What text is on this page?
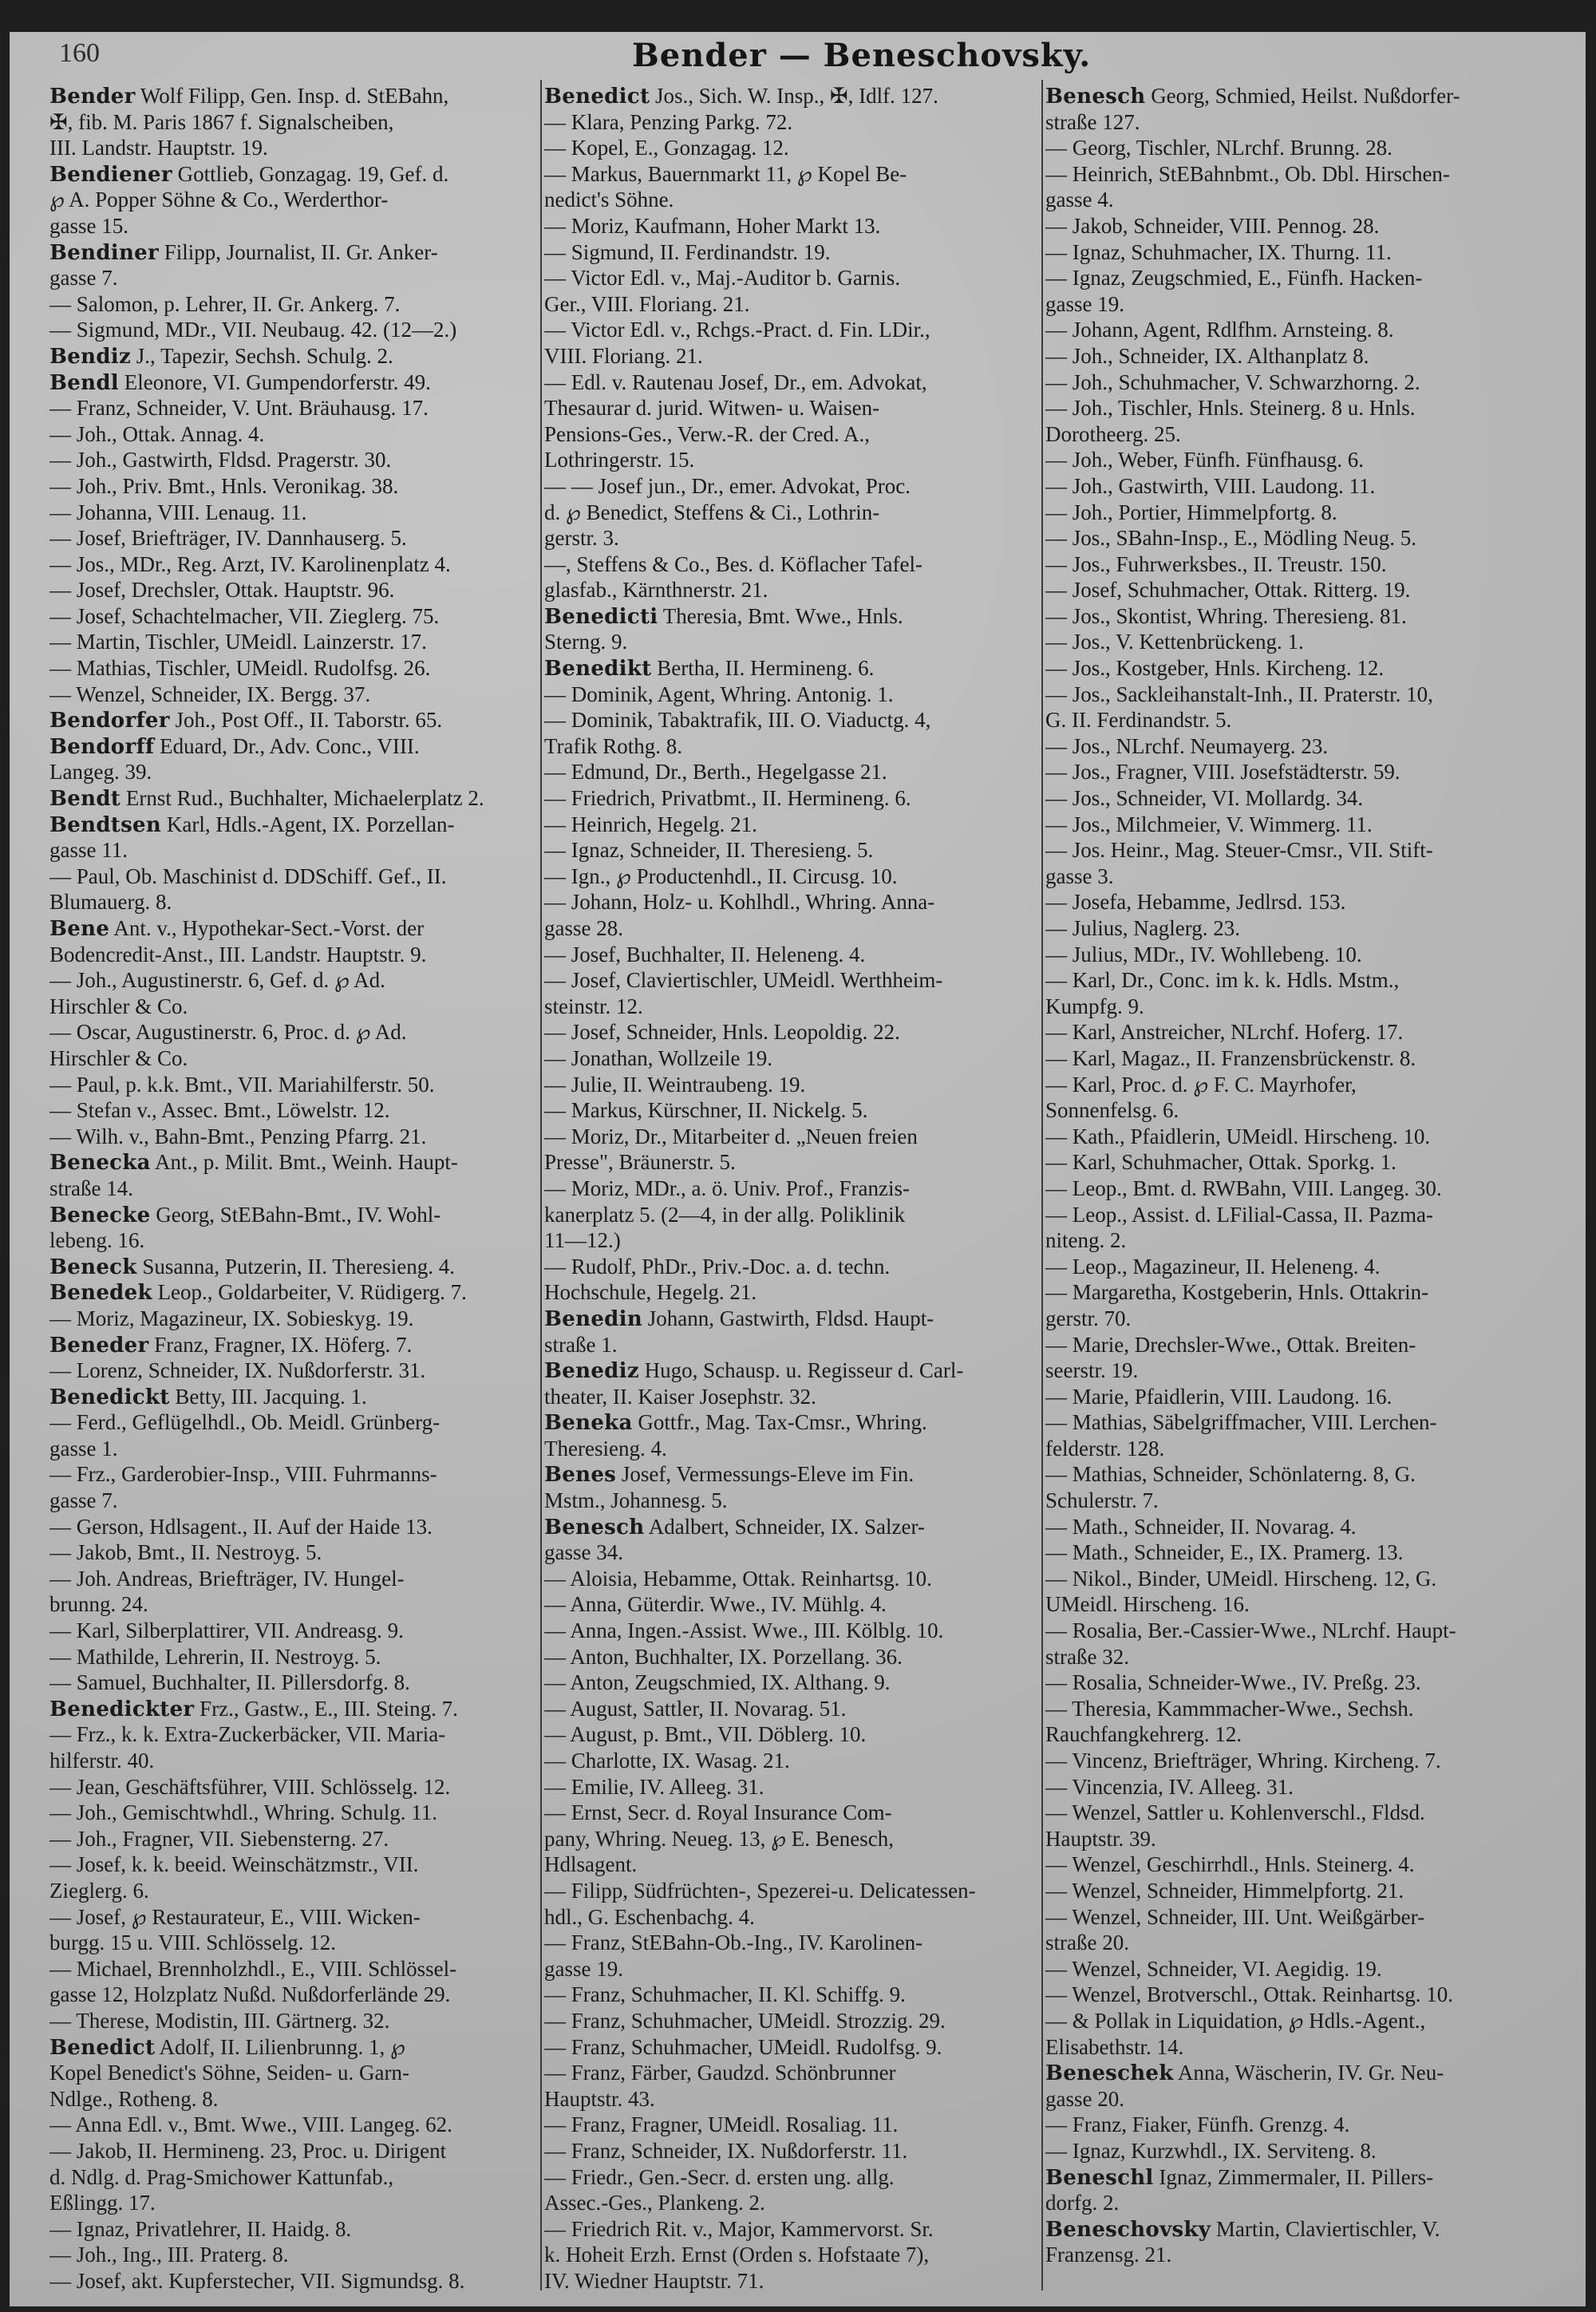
160	Bender — Beneschovsky.
Bender Wolf Filipp, Gen. Insp. d. StEBahn,
✠, fib. M. Paris 1867 f. Signalscheiben,
III. Landstr. Hauptstr. 19.
Bendiener Gottlieb, Gonzagag. 19, Gef. d.
℘ A. Popper Söhne & Co., Werderthor-
gasse 15.
Bendiner Filipp, Journalist, II. Gr. Anker-
gasse 7.
— Salomon, p. Lehrer, II. Gr. Ankerg. 7.
— Sigmund, MDr., VII. Neubaug. 42. (12—2.)
Bendiz J., Tapezir, Sechsh. Schulg. 2.
Bendl Eleonore, VI. Gumpendorferstr. 49.
— Franz, Schneider, V. Unt. Bräuhausg. 17.
— Joh., Ottak. Annag. 4.
— Joh., Gastwirth, Fldsd. Pragerstr. 30.
— Joh., Priv. Bmt., Hnls. Veronikag. 38.
— Johanna, VIII. Lenaug. 11.
— Josef, Briefträger, IV. Dannhauserg. 5.
— Jos., MDr., Reg. Arzt, IV. Karolinenplatz 4.
— Josef, Drechsler, Ottak. Hauptstr. 96.
— Josef, Schachtelmacher, VII. Zieglerg. 75.
— Martin, Tischler, UMeidl. Lainzerstr. 17.
— Mathias, Tischler, UMeidl. Rudolfsg. 26.
— Wenzel, Schneider, IX. Bergg. 37.
Bendorfer Joh., Post Off., II. Taborstr. 65.
Bendorff Eduard, Dr., Adv. Conc., VIII.
Langeg. 39.
Bendt Ernst Rud., Buchhalter, Michaelerplatz 2.
Bendtsen Karl, Hdls.-Agent, IX. Porzellan-
gasse 11.
— Paul, Ob. Maschinist d. DDSchiff. Gef., II.
Blumauerg. 8.
Bene Ant. v., Hypothekar-Sect.-Vorst. der
Bodencredit-Anst., III. Landstr. Hauptstr. 9.
— Joh., Augustinerstr. 6, Gef. d. ℘ Ad.
Hirschler & Co.
— Oscar, Augustinerstr. 6, Proc. d. ℘ Ad.
Hirschler & Co.
— Paul, p. k.k. Bmt., VII. Mariahilferstr. 50.
— Stefan v., Assec. Bmt., Löwelstr. 12.
— Wilh. v., Bahn-Bmt., Penzing Pfarrg. 21.
Benecka Ant., p. Milit. Bmt., Weinh. Haupt-
straße 14.
Benecke Georg, StEBahn-Bmt., IV. Wohl-
lebeng. 16.
Beneck Susanna, Putzerin, II. Theresieng. 4.
Benedek Leop., Goldarbeiter, V. Rüdigerg. 7.
— Moriz, Magazineur, IX. Sobieskyg. 19.
Beneder Franz, Fragner, IX. Höferg. 7.
— Lorenz, Schneider, IX. Nußdorferstr. 31.
Benedickt Betty, III. Jacquing. 1.
— Ferd., Geflügelhdl., Ob. Meidl. Grünberg-
gasse 1.
— Frz., Garderobier-Insp., VIII. Fuhrmanns-
gasse 7.
— Gerson, Hdlsagent., II. Auf der Haide 13.
— Jakob, Bmt., II. Nestroyg. 5.
— Joh. Andreas, Briefträger, IV. Hungel-
brunng. 24.
— Karl, Silberplattirer, VII. Andreasg. 9.
— Mathilde, Lehrerin, II. Nestroyg. 5.
— Samuel, Buchhalter, II. Pillersdorfg. 8.
Benedickter Frz., Gastw., E., III. Steing. 7.
— Frz., k. k. Extra-Zuckerbäcker, VII. Maria-
hilferstr. 40.
— Jean, Geschäftsführer, VIII. Schlösselg. 12.
— Joh., Gemischtwhdl., Whring. Schulg. 11.
— Joh., Fragner, VII. Siebensterng. 27.
— Josef, k. k. beeid. Weinschätzmstr., VII.
Zieglerg. 6.
— Josef, ℘ Restaurateur, E., VIII. Wicken-
burgg. 15 u. VIII. Schlösselg. 12.
— Michael, Brennholzhdl., E., VIII. Schlössel-
gasse 12, Holzplatz Nußd. Nußdorferlände 29.
— Therese, Modistin, III. Gärtnerg. 32.
Benedict Adolf, II. Lilienbrunng. 1, ℘
Kopel Benedict's Söhne, Seiden- u. Garn-
Ndlge., Rotheng. 8.
— Anna Edl. v., Bmt. Wwe., VIII. Langeg. 62.
— Jakob, II. Hermineng. 23, Proc. u. Dirigent
d. Ndlg. d. Prag-Smichower Kattunfab.,
Eßlingg. 17.
— Ignaz, Privatlehrer, II. Haidg. 8.
— Joh., Ing., III. Praterg. 8.
— Josef, akt. Kupferstecher, VII. Sigmundsg. 8.
Benedict Jos., Sich. W. Insp., ✠, Idlf. 127.
— Klara, Penzing Parkg. 72.
— Kopel, E., Gonzagag. 12.
— Markus, Bauernmarkt 11, ℘ Kopel Be-
nedict's Söhne.
— Moriz, Kaufmann, Hoher Markt 13.
— Sigmund, II. Ferdinandstr. 19.
— Victor Edl. v., Maj.-Auditor b. Garnis.
Ger., VIII. Floriang. 21.
— Victor Edl. v., Rchgs.-Pract. d. Fin. LDir.,
VIII. Floriang. 21.
— Edl. v. Rautenau Josef, Dr., em. Advokat,
Thesaurar d. jurid. Witwen- u. Waisen-
Pensions-Ges., Verw.-R. der Cred. A.,
Lothringerstr. 15.
— — Josef jun., Dr., emer. Advokat, Proc.
d. ℘ Benedict, Steffens & Ci., Lothrin-
gerstr. 3.
—, Steffens & Co., Bes. d. Köflacher Tafel-
glasfab., Kärnthnerstr. 21.
Benedicti Theresia, Bmt. Wwe., Hnls.
Sterng. 9.
Benedikt Bertha, II. Hermineng. 6.
— Dominik, Agent, Whring. Antonig. 1.
— Dominik, Tabaktrafik, III. O. Viaductg. 4,
Trafik Rothg. 8.
— Edmund, Dr., Berth., Hegelgasse 21.
— Friedrich, Privatbmt., II. Hermineng. 6.
— Heinrich, Hegelg. 21.
— Ignaz, Schneider, II. Theresieng. 5.
— Ign., ℘ Productenhdl., II. Circusg. 10.
— Johann, Holz- u. Kohlhdl., Whring. Anna-
gasse 28.
— Josef, Buchhalter, II. Heleneng. 4.
— Josef, Claviertischler, UMeidl. Werthheim-
steinstr. 12.
— Josef, Schneider, Hnls. Leopoldig. 22.
— Jonathan, Wollzeile 19.
— Julie, II. Weintraubeng. 19.
— Markus, Kürschner, II. Nickelg. 5.
— Moriz, Dr., Mitarbeiter d. „Neuen freien
Presse", Bräunerstr. 5.
— Moriz, MDr., a. ö. Univ. Prof., Franzis-
kanerplatz 5. (2—4, in der allg. Poliklinik
11—12.)
— Rudolf, PhDr., Priv.-Doc. a. d. techn.
Hochschule, Hegelg. 21.
Benedin Johann, Gastwirth, Fldsd. Haupt-
straße 1.
Benediz Hugo, Schausp. u. Regisseur d. Carl-
theater, II. Kaiser Josephstr. 32.
Beneka Gottfr., Mag. Tax-Cmsr., Whring.
Theresieng. 4.
Benes Josef, Vermessungs-Eleve im Fin.
Mstm., Johannesg. 5.
Benesch Adalbert, Schneider, IX. Salzer-
gasse 34.
— Aloisia, Hebamme, Ottak. Reinhartsg. 10.
— Anna, Güterdir. Wwe., IV. Mühlg. 4.
— Anna, Ingen.-Assist. Wwe., III. Kölblg. 10.
— Anton, Buchhalter, IX. Porzellang. 36.
— Anton, Zeugschmied, IX. Althang. 9.
— August, Sattler, II. Novarag. 51.
— August, p. Bmt., VII. Döblerg. 10.
— Charlotte, IX. Wasag. 21.
— Emilie, IV. Alleeg. 31.
— Ernst, Secr. d. Royal Insurance Com-
pany, Whring. Neueg. 13, ℘ E. Benesch,
Hdlsagent.
— Filipp, Südfrüchten-, Spezerei-u. Delicatessen-
hdl., G. Eschenbachg. 4.
— Franz, StEBahn-Ob.-Ing., IV. Karolinen-
gasse 19.
— Franz, Schuhmacher, II. Kl. Schiffg. 9.
— Franz, Schuhmacher, UMeidl. Strozzig. 29.
— Franz, Schuhmacher, UMeidl. Rudolfsg. 9.
— Franz, Färber, Gaudzd. Schönbrunner
Hauptstr. 43.
— Franz, Fragner, UMeidl. Rosaliag. 11.
— Franz, Schneider, IX. Nußdorferstr. 11.
— Friedr., Gen.-Secr. d. ersten ung. allg.
Assec.-Ges., Plankeng. 2.
— Friedrich Rit. v., Major, Kammervorst. Sr.
k. Hoheit Erzh. Ernst (Orden s. Hofstaate 7),
IV. Wiedner Hauptstr. 71.
Benesch Georg, Schmied, Heilst. Nußdorfer-
straße 127.
— Georg, Tischler, NLrchf. Brunng. 28.
— Heinrich, StEBahnbmt., Ob. Dbl. Hirschen-
gasse 4.
— Jakob, Schneider, VIII. Pennog. 28.
— Ignaz, Schuhmacher, IX. Thurng. 11.
— Ignaz, Zeugschmied, E., Fünfh. Hacken-
gasse 19.
— Johann, Agent, Rdlfhm. Arnsteing. 8.
— Joh., Schneider, IX. Althanplatz 8.
— Joh., Schuhmacher, V. Schwarzhorng. 2.
— Joh., Tischler, Hnls. Steinerg. 8 u. Hnls.
Dorotheerg. 25.
— Joh., Weber, Fünfh. Fünfhausg. 6.
— Joh., Gastwirth, VIII. Laudong. 11.
— Joh., Portier, Himmelpfortg. 8.
— Jos., SBahn-Insp., E., Mödling Neug. 5.
— Jos., Fuhrwerksbes., II. Treustr. 150.
— Josef, Schuhmacher, Ottak. Ritterg. 19.
— Jos., Skontist, Whring. Theresieng. 81.
— Jos., V. Kettenbrückeng. 1.
— Jos., Kostgeber, Hnls. Kircheng. 12.
— Jos., Sackleihanstalt-Inh., II. Praterstr. 10,
G. II. Ferdinandstr. 5.
— Jos., NLrchf. Neumayerg. 23.
— Jos., Fragner, VIII. Josefstädterstr. 59.
— Jos., Schneider, VI. Mollardg. 34.
— Jos., Milchmeier, V. Wimmerg. 11.
— Jos. Heinr., Mag. Steuer-Cmsr., VII. Stift-
gasse 3.
— Josefa, Hebamme, Jedlrsd. 153.
— Julius, Naglerg. 23.
— Julius, MDr., IV. Wohllebeng. 10.
— Karl, Dr., Conc. im k. k. Hdls. Mstm.,
Kumpfg. 9.
— Karl, Anstreicher, NLrchf. Hoferg. 17.
— Karl, Magaz., II. Franzensbrückenstr. 8.
— Karl, Proc. d. ℘ F. C. Mayrhofer,
Sonnenfelsg. 6.
— Kath., Pfaidlerin, UMeidl. Hirscheng. 10.
— Karl, Schuhmacher, Ottak. Sporkg. 1.
— Leop., Bmt. d. RWBahn, VIII. Langeg. 30.
— Leop., Assist. d. LFilial-Cassa, II. Pazma-
niteng. 2.
— Leop., Magazineur, II. Heleneng. 4.
— Margaretha, Kostgeberin, Hnls. Ottakrin-
gerstr. 70.
— Marie, Drechsler-Wwe., Ottak. Breiten-
seerstr. 19.
— Marie, Pfaidlerin, VIII. Laudong. 16.
— Mathias, Säbelgriffmacher, VIII. Lerchen-
felderstr. 128.
— Mathias, Schneider, Schönlaterng. 8, G.
Schulerstr. 7.
— Math., Schneider, II. Novarag. 4.
— Math., Schneider, E., IX. Pramerg. 13.
— Nikol., Binder, UMeidl. Hirscheng. 12, G.
UMeidl. Hirscheng. 16.
— Rosalia, Ber.-Cassier-Wwe., NLrchf. Haupt-
straße 32.
— Rosalia, Schneider-Wwe., IV. Preßg. 23.
— Theresia, Kammmacher-Wwe., Sechsh.
Rauchfangkehrerg. 12.
— Vincenz, Briefträger, Whring. Kircheng. 7.
— Vincenzia, IV. Alleeg. 31.
— Wenzel, Sattler u. Kohlenverschl., Fldsd.
Hauptstr. 39.
— Wenzel, Geschirrhdl., Hnls. Steinerg. 4.
— Wenzel, Schneider, Himmelpfortg. 21.
— Wenzel, Schneider, III. Unt. Weißgärber-
straße 20.
— Wenzel, Schneider, VI. Aegidig. 19.
— Wenzel, Brotverschl., Ottak. Reinhartsg. 10.
— & Pollak in Liquidation, ℘ Hdls.-Agent.,
Elisabethstr. 14.
Beneschek Anna, Wäscherin, IV. Gr. Neu-
gasse 20.
— Franz, Fiaker, Fünfh. Grenzg. 4.
— Ignaz, Kurzwhdl., IX. Serviteng. 8.
Beneschl Ignaz, Zimmermaler, II. Pillers-
dorfg. 2.
Beneschovsky Martin, Claviertischler, V.
Franzensg. 21.
